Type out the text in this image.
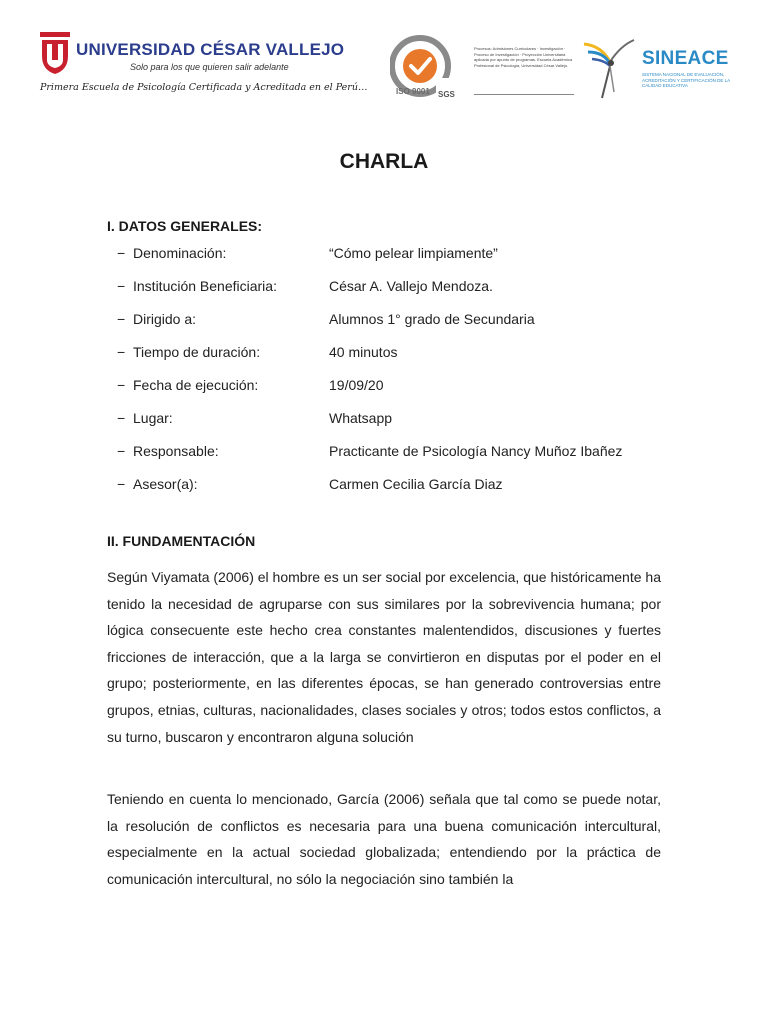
UNIVERSIDAD CÉSAR VALLEJO
Solo para los que quieren salir adelante
Primera Escuela de Psicología Certificada y Acreditada en el Perú…	ISO 9001 SGS
Procesos: Admisiones Curriculares · Investigación · Proceso de Investigación · Proyección Universitaria aplicada por apunto de programas. Escuela Académica Profesional de Psicología, Universidad César Vallejo.	SINEACE
SISTEMA NACIONAL DE EVALUACIÓN, ACREDITACIÓN Y CERTIFICACIÓN DE LA CALIDAD EDUCATIVA
CHARLA
I. DATOS GENERALES:
− Denominación:	“Cómo pelear limpiamente”
− Institución Beneficiaria:	César A. Vallejo Mendoza.
− Dirigido a:	Alumnos 1° grado de Secundaria
− Tiempo de duración:	40 minutos
− Fecha de ejecución:	19/09/20
− Lugar:	Whatsapp
− Responsable:	Practicante de Psicología Nancy Muñoz Ibañez
− Asesor(a):	Carmen Cecilia García Diaz
II. FUNDAMENTACIÓN

Según Viyamata (2006) el hombre es un ser social por excelencia, que históricamente ha tenido la necesidad de agruparse con sus similares por la sobrevivencia humana; por lógica consecuente este hecho crea constantes malentendidos, discusiones y fuertes fricciones de interacción, que a la larga se convirtieron en disputas por el poder en el grupo; posteriormente, en las diferentes épocas, se han generado controversias entre grupos, etnias, culturas, nacionalidades, clases sociales y otros; todos estos conflictos, a su turno, buscaron y encontraron alguna solución

Teniendo en cuenta lo mencionado, García (2006) señala que tal como se puede notar, la resolución de conflictos es necesaria para una buena comunicación intercultural, especialmente en la actual sociedad globalizada; entendiendo por la práctica de comunicación intercultural, no sólo la negociación sino también la
